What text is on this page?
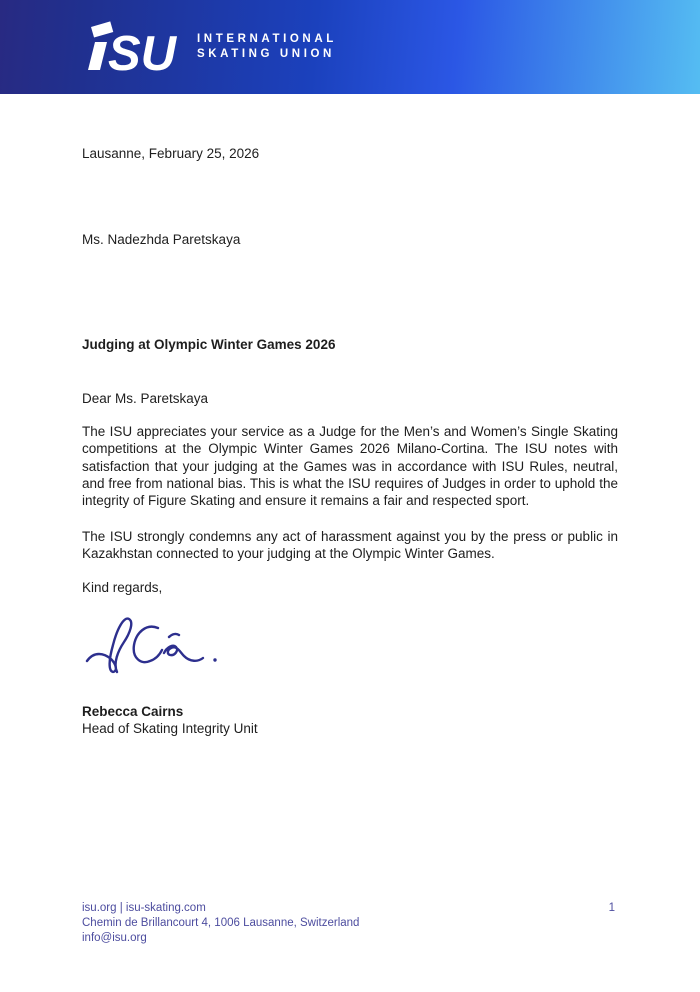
SU INTERNATIONAL
SKATING UNION
Lausanne, February 25, 2026
Ms. Nadezhda Paretskaya
Judging at Olympic Winter Games 2026
Dear Ms. Paretskaya

The ISU appreciates your service as a Judge for the Men’s and Women’s Single Skating competitions at the Olympic Winter Games 2026 Milano-Cortina. The ISU notes with satisfaction that your judging at the Games was in accordance with ISU Rules, neutral, and free from national bias. This is what the ISU requires of Judges in order to uphold the integrity of Figure Skating and ensure it remains a fair and respected sport.

The ISU strongly condemns any act of harassment against you by the press or public in Kazakhstan connected to your judging at the Olympic Winter Games.

Kind regards,
Rebecca Cairns
Head of Skating Integrity Unit
isu.org | isu-skating.com
Chemin de Brillancourt 4, 1006 Lausanne, Switzerland
info@isu.org
1
